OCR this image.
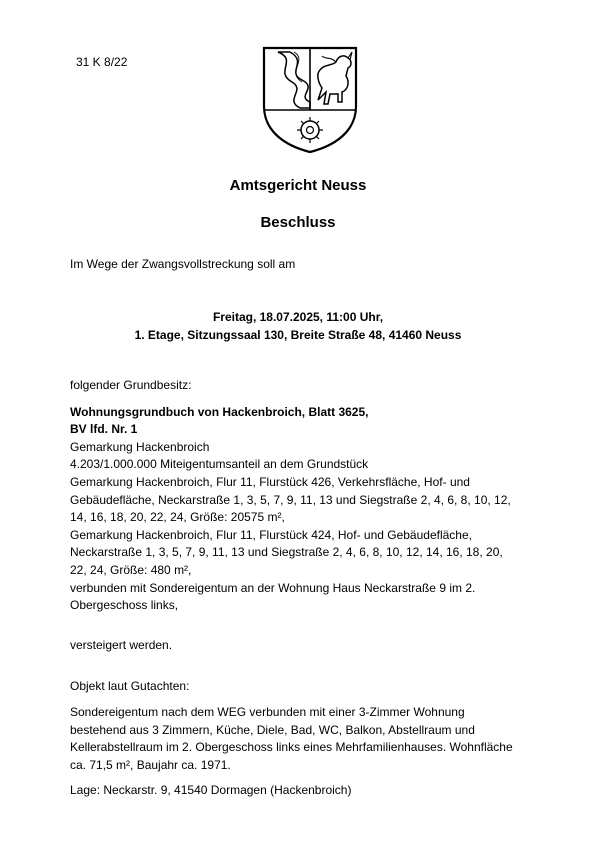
31 K 8/22
Amtsgericht Neuss
Beschluss
Im Wege der Zwangsvollstreckung soll am
Freitag, 18.07.2025, 11:00 Uhr,
1. Etage, Sitzungssaal 130, Breite Straße 48, 41460 Neuss
folgender Grundbesitz:
Wohnungsgrundbuch von Hackenbroich, Blatt 3625,
BV lfd. Nr. 1
Gemarkung Hackenbroich
4.203/1.000.000 Miteigentumsanteil an dem Grundstück
Gemarkung Hackenbroich, Flur 11, Flurstück 426, Verkehrsfläche, Hof- und
Gebäudefläche, Neckarstraße 1, 3, 5, 7, 9, 11, 13 und Siegstraße 2, 4, 6, 8, 10, 12,
14, 16, 18, 20, 22, 24, Größe: 20575 m²,
Gemarkung Hackenbroich, Flur 11, Flurstück 424, Hof- und Gebäudefläche,
Neckarstraße 1, 3, 5, 7, 9, 11, 13 und Siegstraße 2, 4, 6, 8, 10, 12, 14, 16, 18, 20,
22, 24, Größe: 480 m²,
verbunden mit Sondereigentum an der Wohnung Haus Neckarstraße 9 im 2.
Obergeschoss links,
versteigert werden.
Objekt laut Gutachten:
Sondereigentum nach dem WEG verbunden mit einer 3-Zimmer Wohnung
bestehend aus 3 Zimmern, Küche, Diele, Bad, WC, Balkon, Abstellraum und
Kellerabstellraum im 2. Obergeschoss links eines Mehrfamilienhauses. Wohnfläche
ca. 71,5 m², Baujahr ca. 1971.
Lage: Neckarstr. 9, 41540 Dormagen (Hackenbroich)
